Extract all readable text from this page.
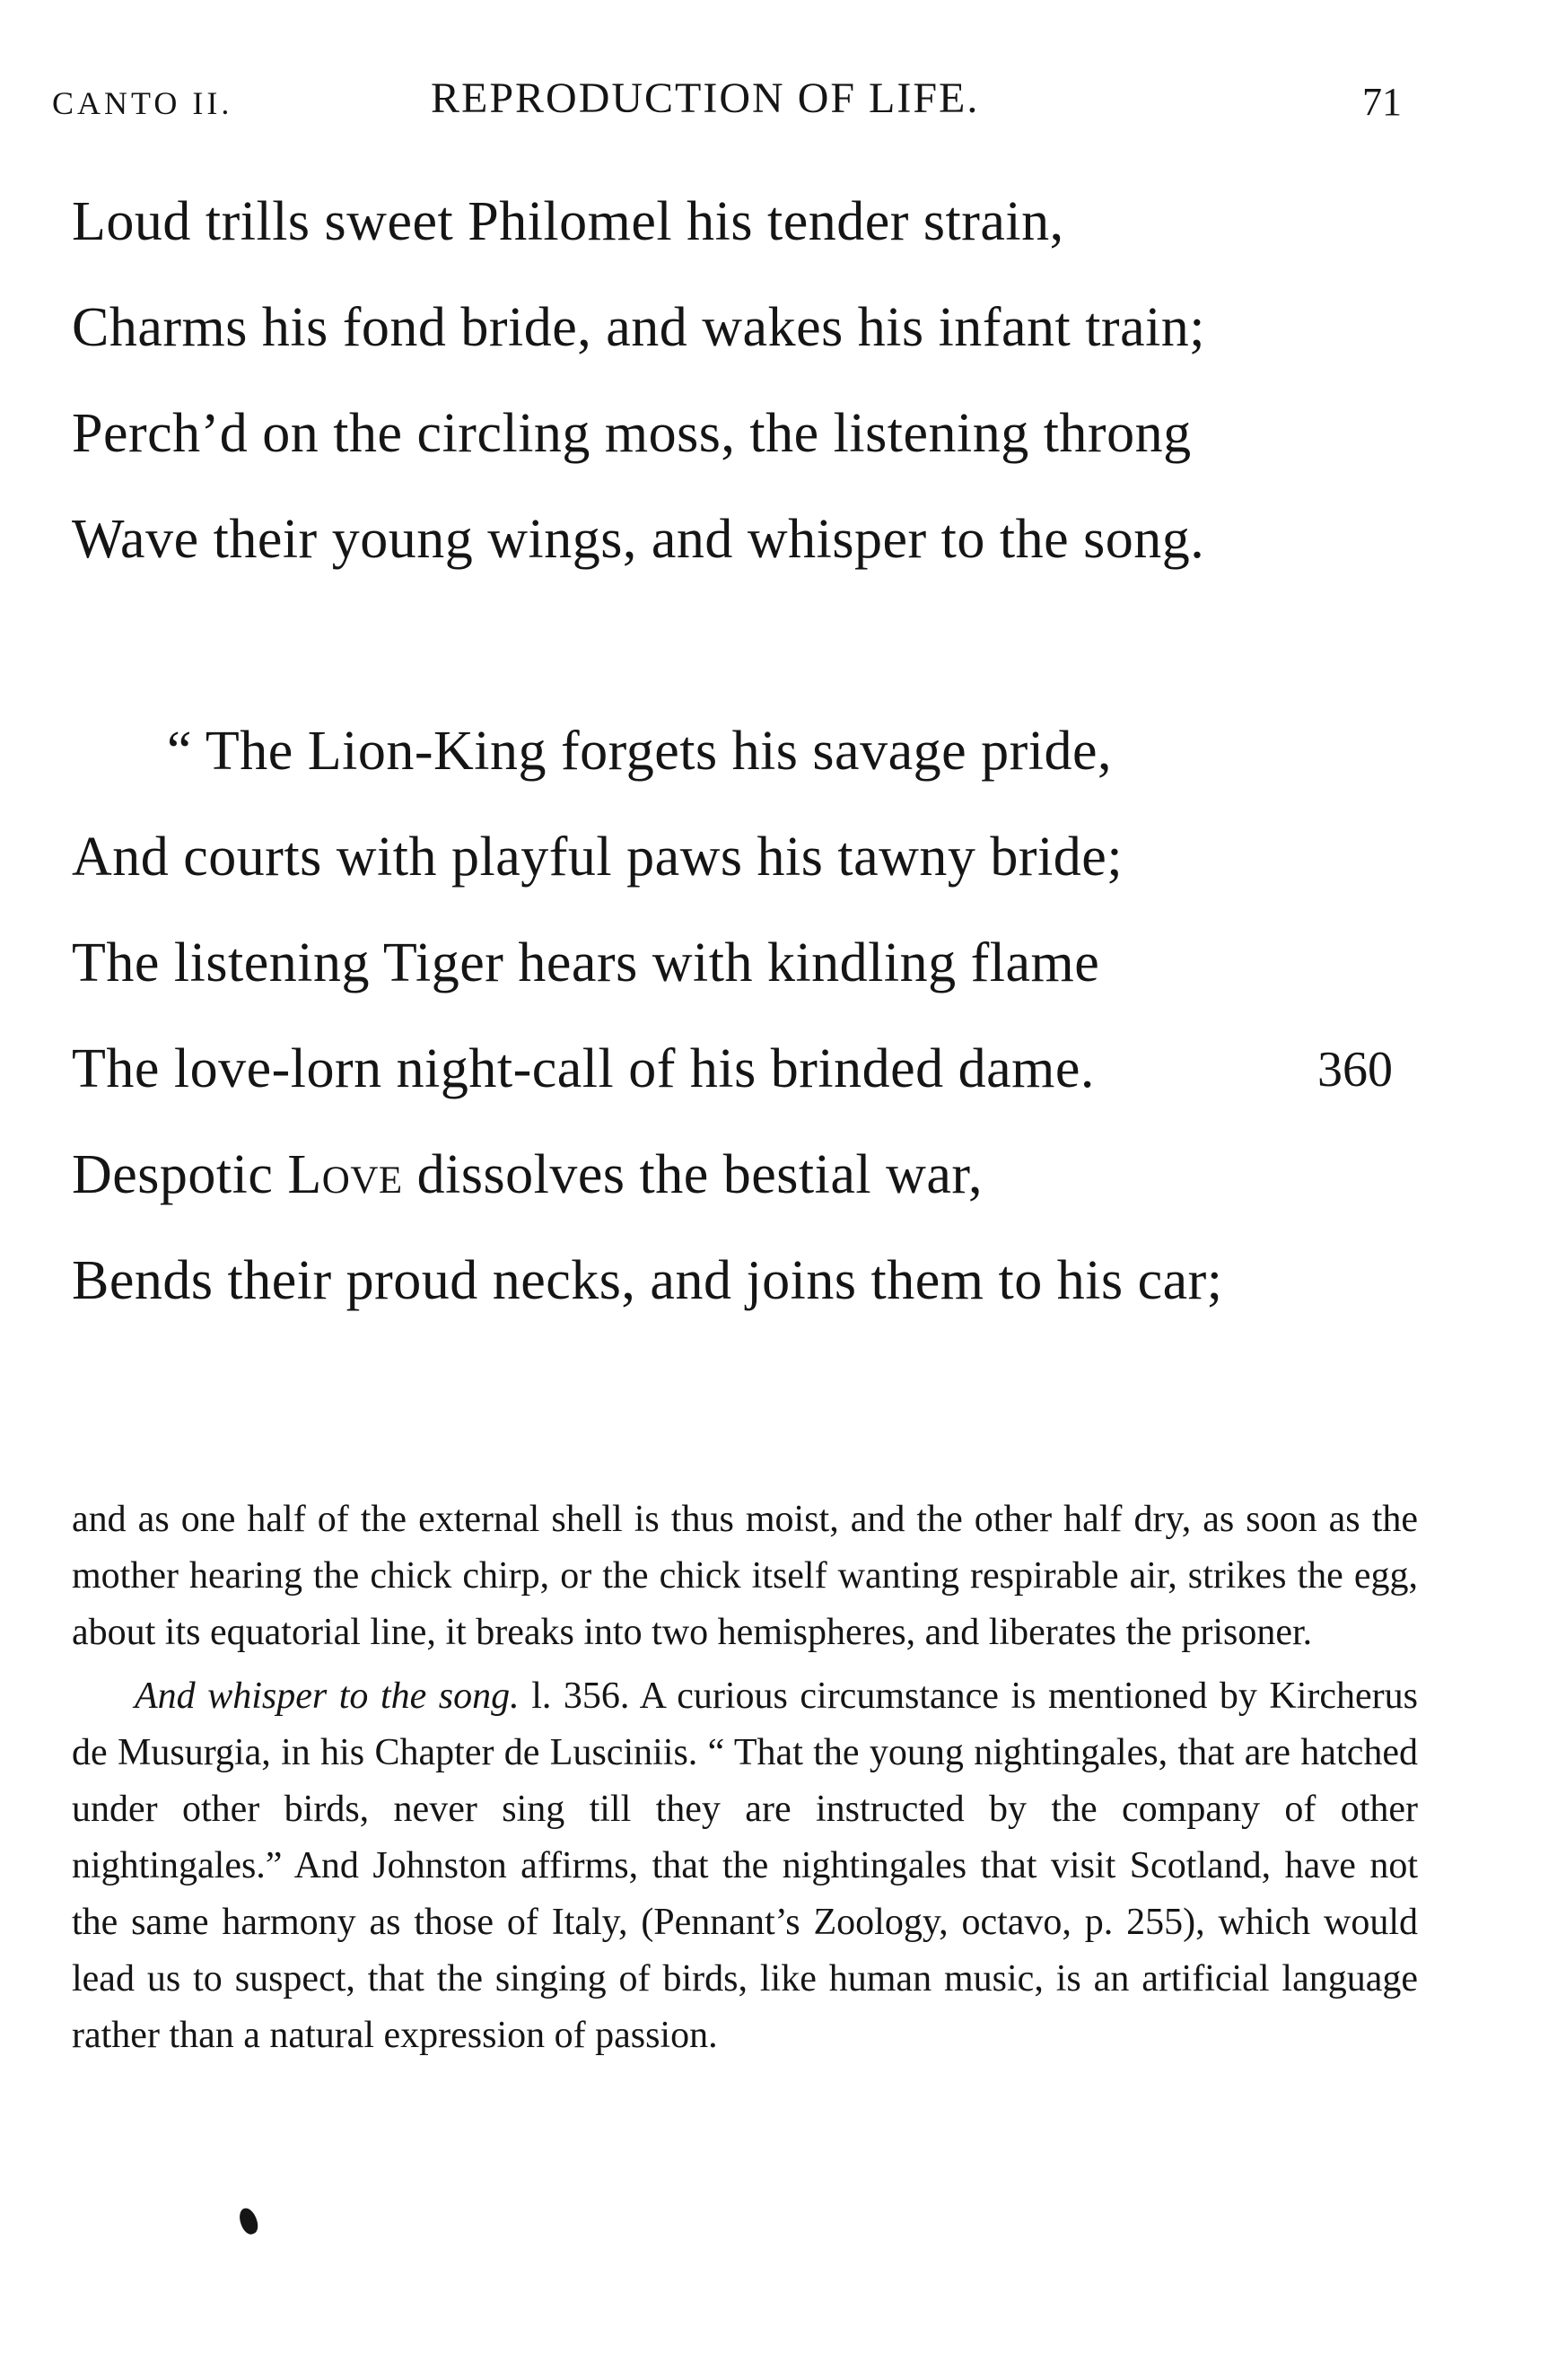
CANTO II.	REPRODUCTION OF LIFE.	71
Loud trills sweet Philomel his tender strain,
Charms his fond bride, and wakes his infant train;
Perch’d on the circling moss, the listening throng
Wave their young wings, and whisper to the song.
“ The Lion-King forgets his savage pride,
And courts with playful paws his tawny bride;
The listening Tiger hears with kindling flame
The love-lorn night-call of his brinded dame.	360
Despotic Love dissolves the bestial war,
Bends their proud necks, and joins them to his car;

and as one half of the external shell is thus moist, and the other half dry, as soon as the mother hearing the chick chirp, or the chick itself wanting respirable air, strikes the egg, about its equatorial line, it breaks into two hemispheres, and liberates the prisoner.

And whisper to the song. l. 356. A curious circumstance is mentioned by Kircherus de Musurgia, in his Chapter de Lusciniis. “ That the young nightingales, that are hatched under other birds, never sing till they are instructed by the company of other nightingales.” And Johnston affirms, that the nightingales that visit Scotland, have not the same harmony as those of Italy, (Pennant’s Zoology, octavo, p. 255), which would lead us to suspect, that the singing of birds, like human music, is an artificial language rather than a natural expression of passion.
